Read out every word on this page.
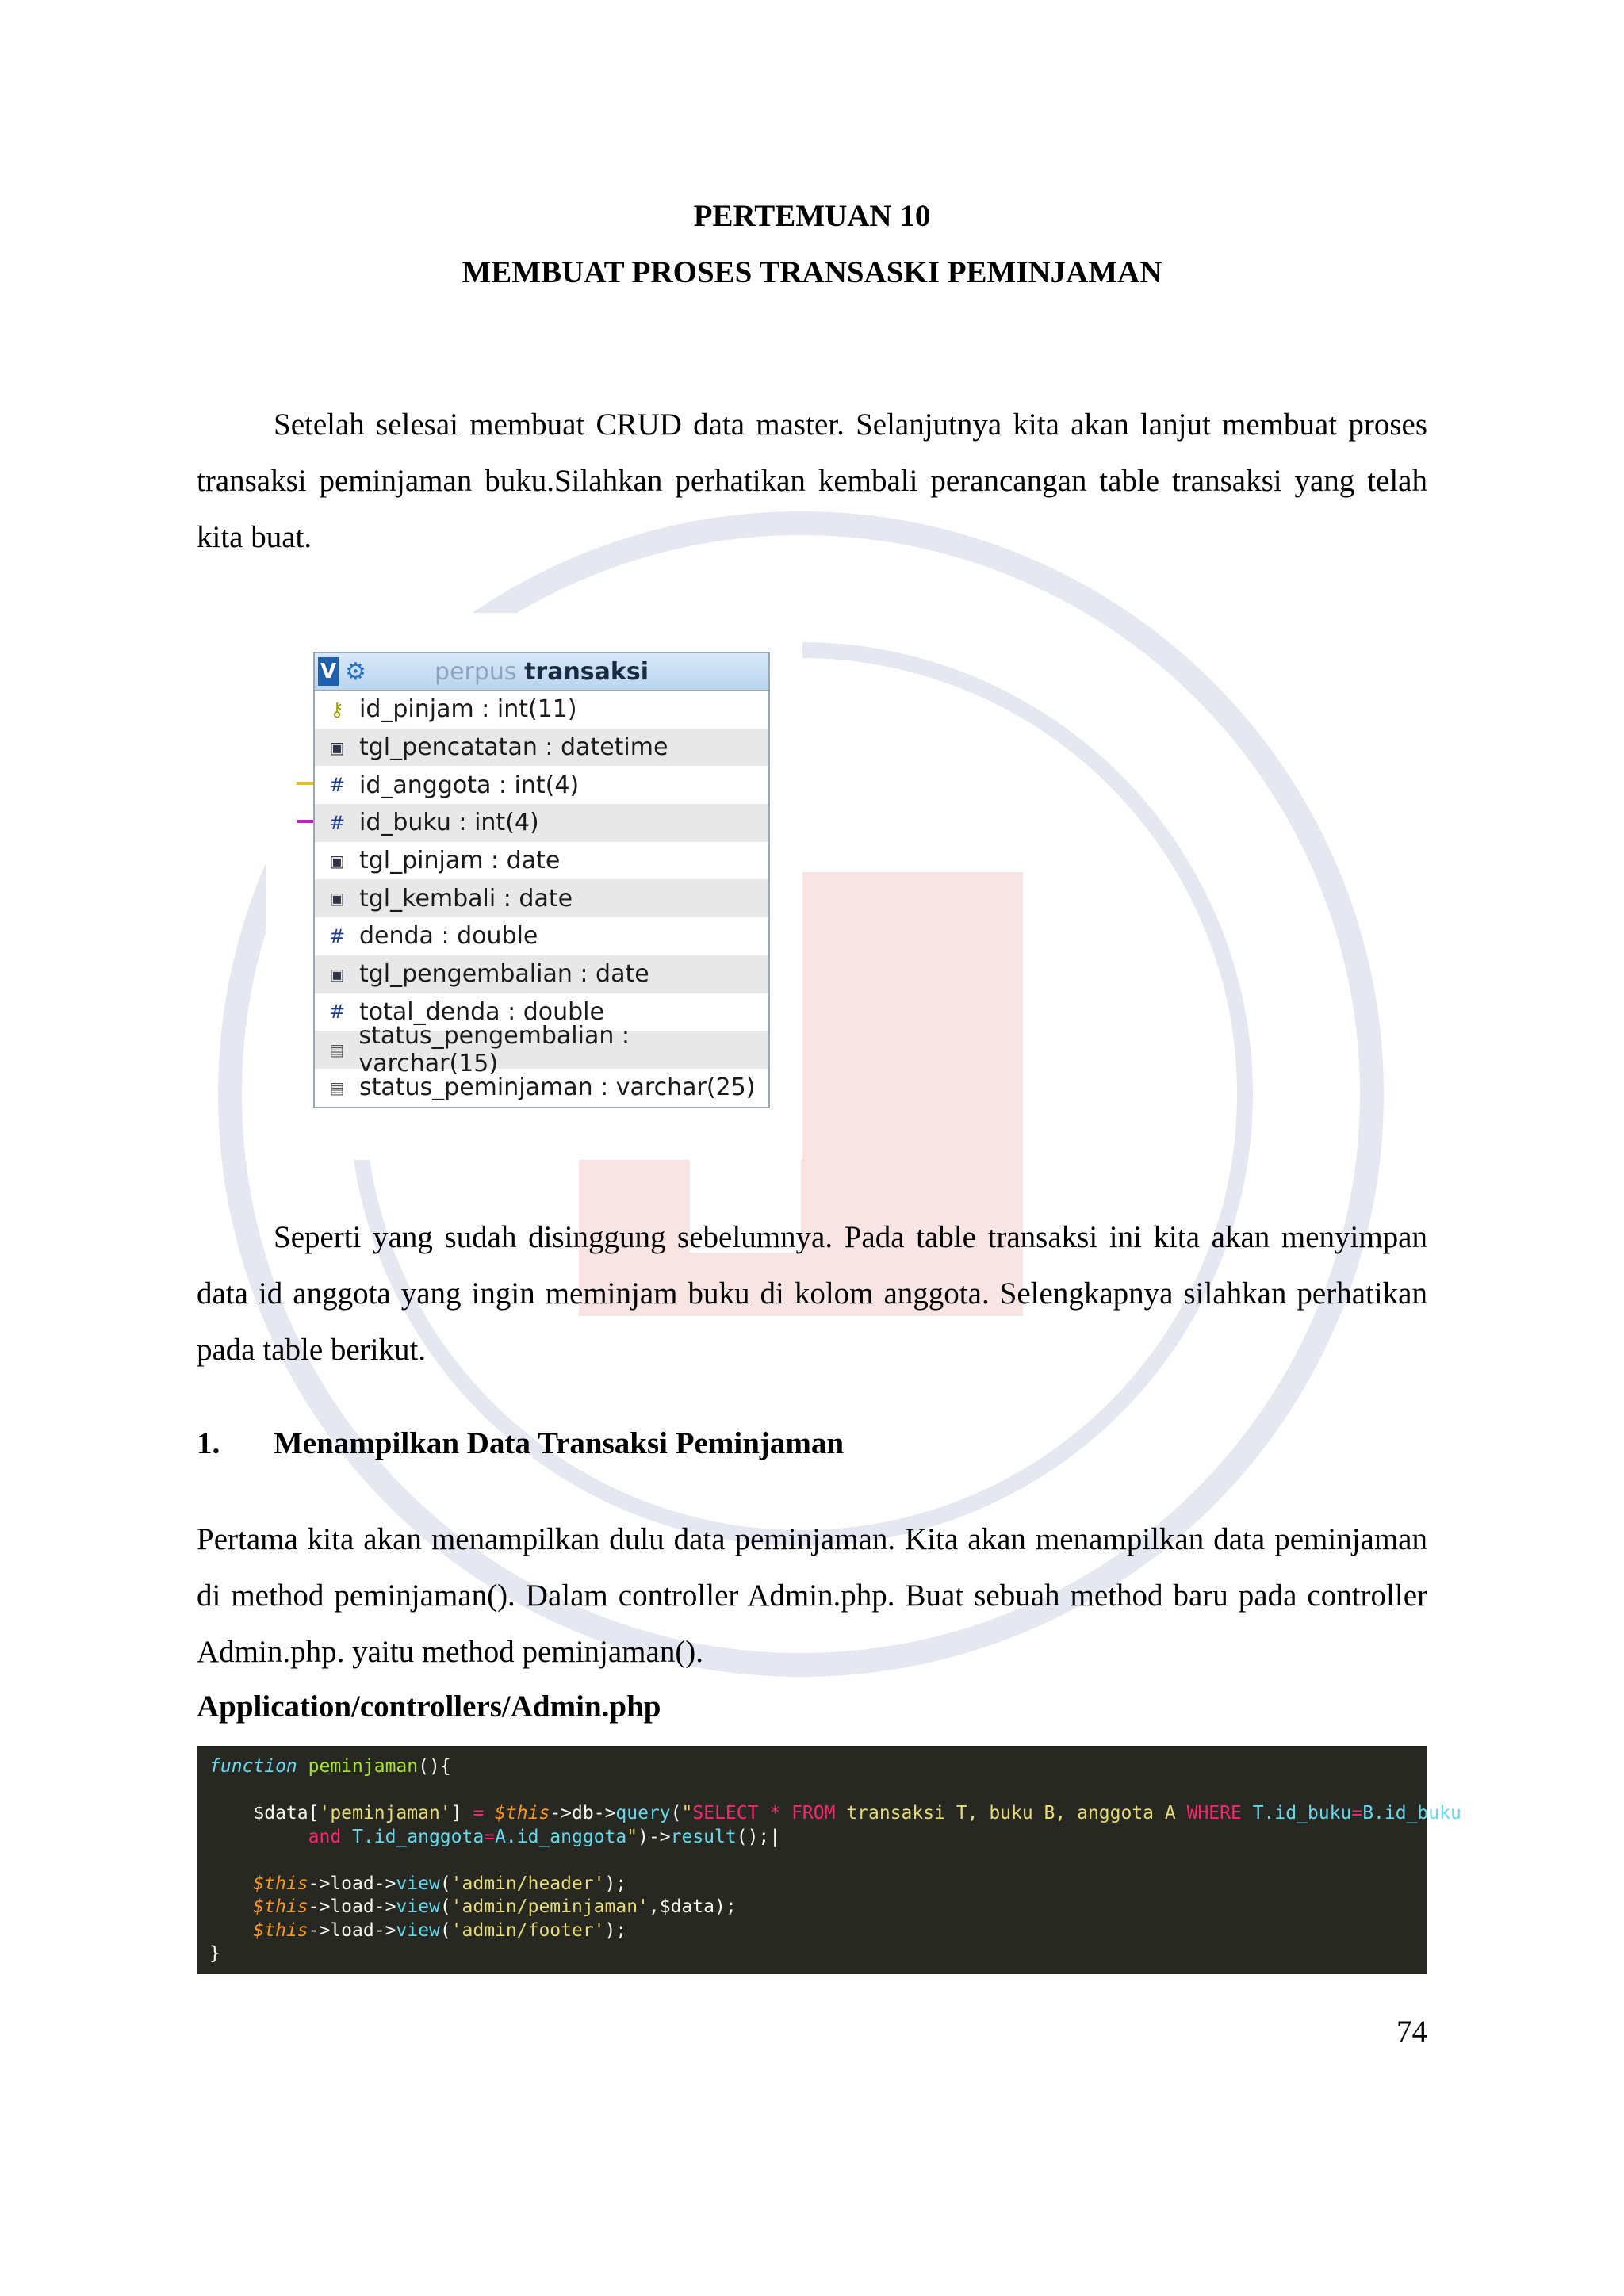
PERTEMUAN 10
MEMBUAT PROSES TRANSASKI PEMINJAMAN

Setelah selesai membuat CRUD data master. Selanjutnya kita akan lanjut membuat proses transaksi peminjaman buku.Silahkan perhatikan kembali perancangan table transaksi yang telah kita buat.

V ⚙	perpus transaksi
⚷ id_pinjam : int(11)
▣ tgl_pencatatan : datetime
# id_anggota : int(4)
# id_buku : int(4)
▣ tgl_pinjam : date
▣ tgl_kembali : date
# denda : double
▣ tgl_pengembalian : date
# total_denda : double
▤ status_pengembalian : varchar(15)
▤ status_peminjaman : varchar(25)

Seperti yang sudah disinggung sebelumnya. Pada table transaksi ini kita akan menyimpan data id anggota yang ingin meminjam buku di kolom anggota. Selengkapnya silahkan perhatikan pada table berikut.

1. Menampilkan Data Transaksi Peminjaman

Pertama kita akan menampilkan dulu data peminjaman. Kita akan menampilkan data peminjaman di method peminjaman(). Dalam controller Admin.php. Buat sebuah method baru pada controller Admin.php. yaitu method peminjaman().

Application/controllers/Admin.php
function peminjaman(){

$data['peminjaman'] = $this->db->query("SELECT * FROM transaksi T, buku B, anggota A WHERE T.id_buku=B.id_buku
and T.id_anggota=A.id_anggota")->result();|

$this->load->view('admin/header');
$this->load->view('admin/peminjaman',$data);
$this->load->view('admin/footer');
}
74
